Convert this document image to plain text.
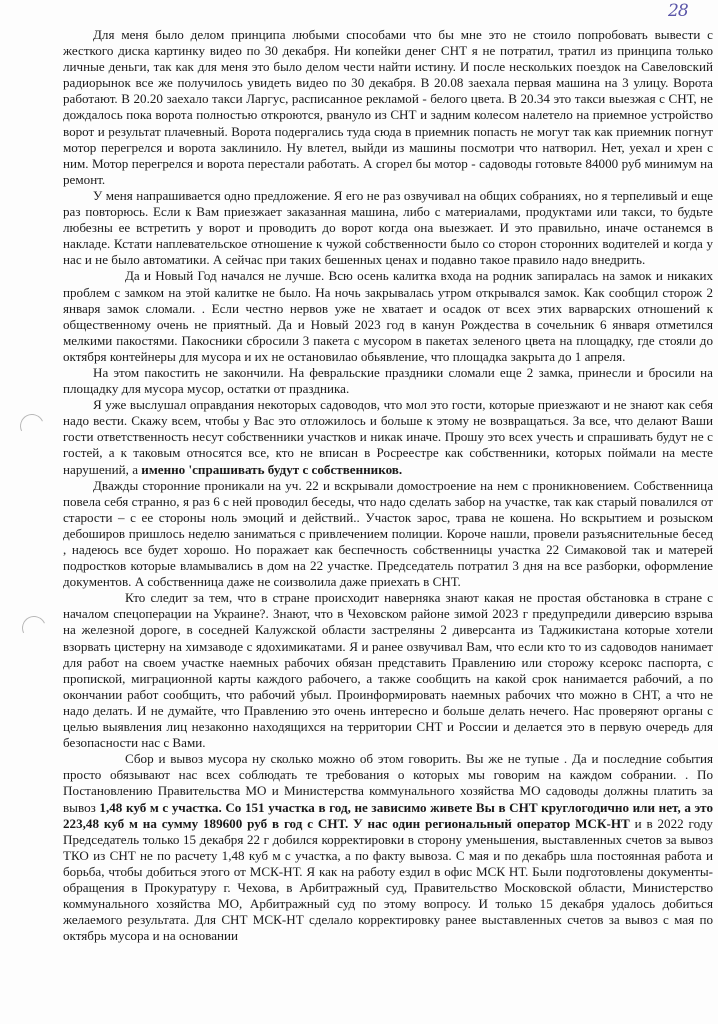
28

Для меня было делом принципа любыми способами что бы мне это не стоило попробовать вывести с жесткого диска картинку видео по 30 декабря. Ни копейки денег СНТ я не потратил, тратил из принципа только личные деньги, так как для меня это было делом чести найти истину. И после нескольких поездок на Савеловский радиорынок все же получилось увидеть видео по 30 декабря. В 20.08 заехала первая машина на 3 улицу. Ворота работают. В 20.20 заехало такси Ларгус, расписанное рекламой - белого цвета. В 20.34 это такси выезжая с СНТ, не дождалось пока ворота полностью откроются, рвануло из СНТ и задним колесом налетело на приемное устройство ворот и результат плачевный. Ворота подергались туда сюда в приемник попасть не могут так как приемник погнут мотор перегрелся и ворота заклинило. Ну влетел, выйди из машины посмотри что натворил. Нет, уехал и хрен с ним. Мотор перегрелся и ворота перестали работать. А сгорел бы мотор - садоводы готовьте 84000 руб минимум на ремонт.

У меня напрашивается одно предложение. Я его не раз озвучивал на общих собраниях, но я терпеливый и еще раз повторюсь. Если к Вам приезжает заказанная машина, либо с материалами, продуктами или такси, то будьте любезны ее встретить у ворот и проводить до ворот когда она выезжает. И это правильно, иначе останемся в накладе. Кстати наплевательское отношение к чужой собственности было со сторон сторонних водителей и когда у нас и не было автоматики. А сейчас при таких бешенных ценах и подавно такое правило надо внедрить.

Да и Новый Год начался не лучше. Всю осень калитка входа на родник запиралась на замок и никаких проблем с замком на этой калитке не было. На ночь закрывалась утром открывался замок. Как сообщил сторож 2 января замок сломали. . Если честно нервов уже не хватает и осадок от всех этих варварских отношений к общественному очень не приятный. Да и Новый 2023 год в канун Рождества в сочельник 6 января отметился мелкими пакостями. Пакосники сбросили 3 пакета с мусором в пакетах зеленого цвета на площадку, где стояли до октября контейнеры для мусора и их не остановилао обьявление, что площадка закрыта до 1 апреля.

На этом пакостить не закончили. На февральские праздники сломали еще 2 замка, принесли и бросили на площадку для мусора мусор, остатки от праздника.

Я уже выслушал оправдания некоторых садоводов, что мол это гости, которые приезжают и не знают как себя надо вести. Скажу всем, чтобы у Вас это отложилось и больше к этому не возвращаться. За все, что делают Ваши гости ответственность несут собственники участков и никак иначе. Прошу это всех учесть и спрашивать будут не с гостей, а к таковым относятся все, кто не вписан в Росреестре как собственники, которых поймали на месте нарушений, а именно 'спрашивать будут с собственников.

Дважды сторонние проникали на уч. 22 и вскрывали домостроение на нем с проникновением. Собственница повела себя странно, я раз 6 с ней проводил беседы, что надо сделать забор на участке, так как старый повалился от старости – с ее стороны ноль эмоций и действий.. Участок зарос, трава не кошена. Но вскрытием и розыском дебоширов пришлось неделю заниматься с привлечением полиции. Короче нашли, провели разъяснительные бесед , надеюсь все будет хорошо. Но поражает как беспечность собственницы участка 22 Симаковой так и матерей подростков которые вламывались в дом на 22 участке. Председатель потратил 3 дня на все разборки, оформление документов. А собственница даже не соизволила даже приехать в СНТ.

Кто следит за тем, что в стране происходит наверняка знают какая не простая обстановка в стране с началом спецоперации на Украине?. Знают, что в Чеховском районе зимой 2023 г предупредили диверсию взрыва на железной дороге, в соседней Калужской области застреляны 2 диверсанта из Таджикистана которые хотели взорвать цистерну на химзаводе с ядохимикатами. Я и ранее озвучивал Вам, что если кто то из садоводов нанимает для работ на своем участке наемных рабочих обязан представить Правлению или сторожу ксерокс паспорта, с пропиской, миграционной карты каждого рабочего, а также сообщить на какой срок нанимается рабочий, а по окончании работ сообщить, что рабочий убыл. Проинформировать наемных рабочих что можно в СНТ, а что не надо делать. И не думайте, что Правлению это очень интересно и больше делать нечего. Нас проверяют органы с целью выявления лиц незаконно находящихся на территории СНТ и России и делается это в первую очередь для безопасности нас с Вами.

Сбор и вывоз мусора ну сколько можно об этом говорить. Вы же не тупые . Да и последние события просто обязывают нас всех соблюдать те требования о которых мы говорим на каждом собрании. . По Постановлению Правительства МО и Министерства коммунального хозяйства МО садоводы должны платить за вывоз 1,48 куб м с участка. Со 151 участка в год, не зависимо живете Вы в СНТ круглогодично или нет, а это 223,48 куб м на сумму 189600 руб в год с СНТ. У нас один региональный оператор МСК-НТ и в 2022 году Председатель только 15 декабря 22 г добился корректировки в сторону уменьшения, выставленных счетов за вывоз ТКО из СНТ не по расчету 1,48 куб м с участка, а по факту вывоза. С мая и по декабрь шла постоянная работа и борьба, чтобы добиться этого от МСК-НТ. Я как на работу ездил в офис МСК НТ. Были подготовлены документы-обращения в Прокуратуру г. Чехова, в Арбитражный суд, Правительство Московской области, Министерство коммунального хозяйства МО, Арбитражный суд по этому вопросу. И только 15 декабря удалось добиться желаемого результата. Для СНТ МСК-НТ сделало корректировку ранее выставленных счетов за вывоз с мая по октябрь мусора и на основании
